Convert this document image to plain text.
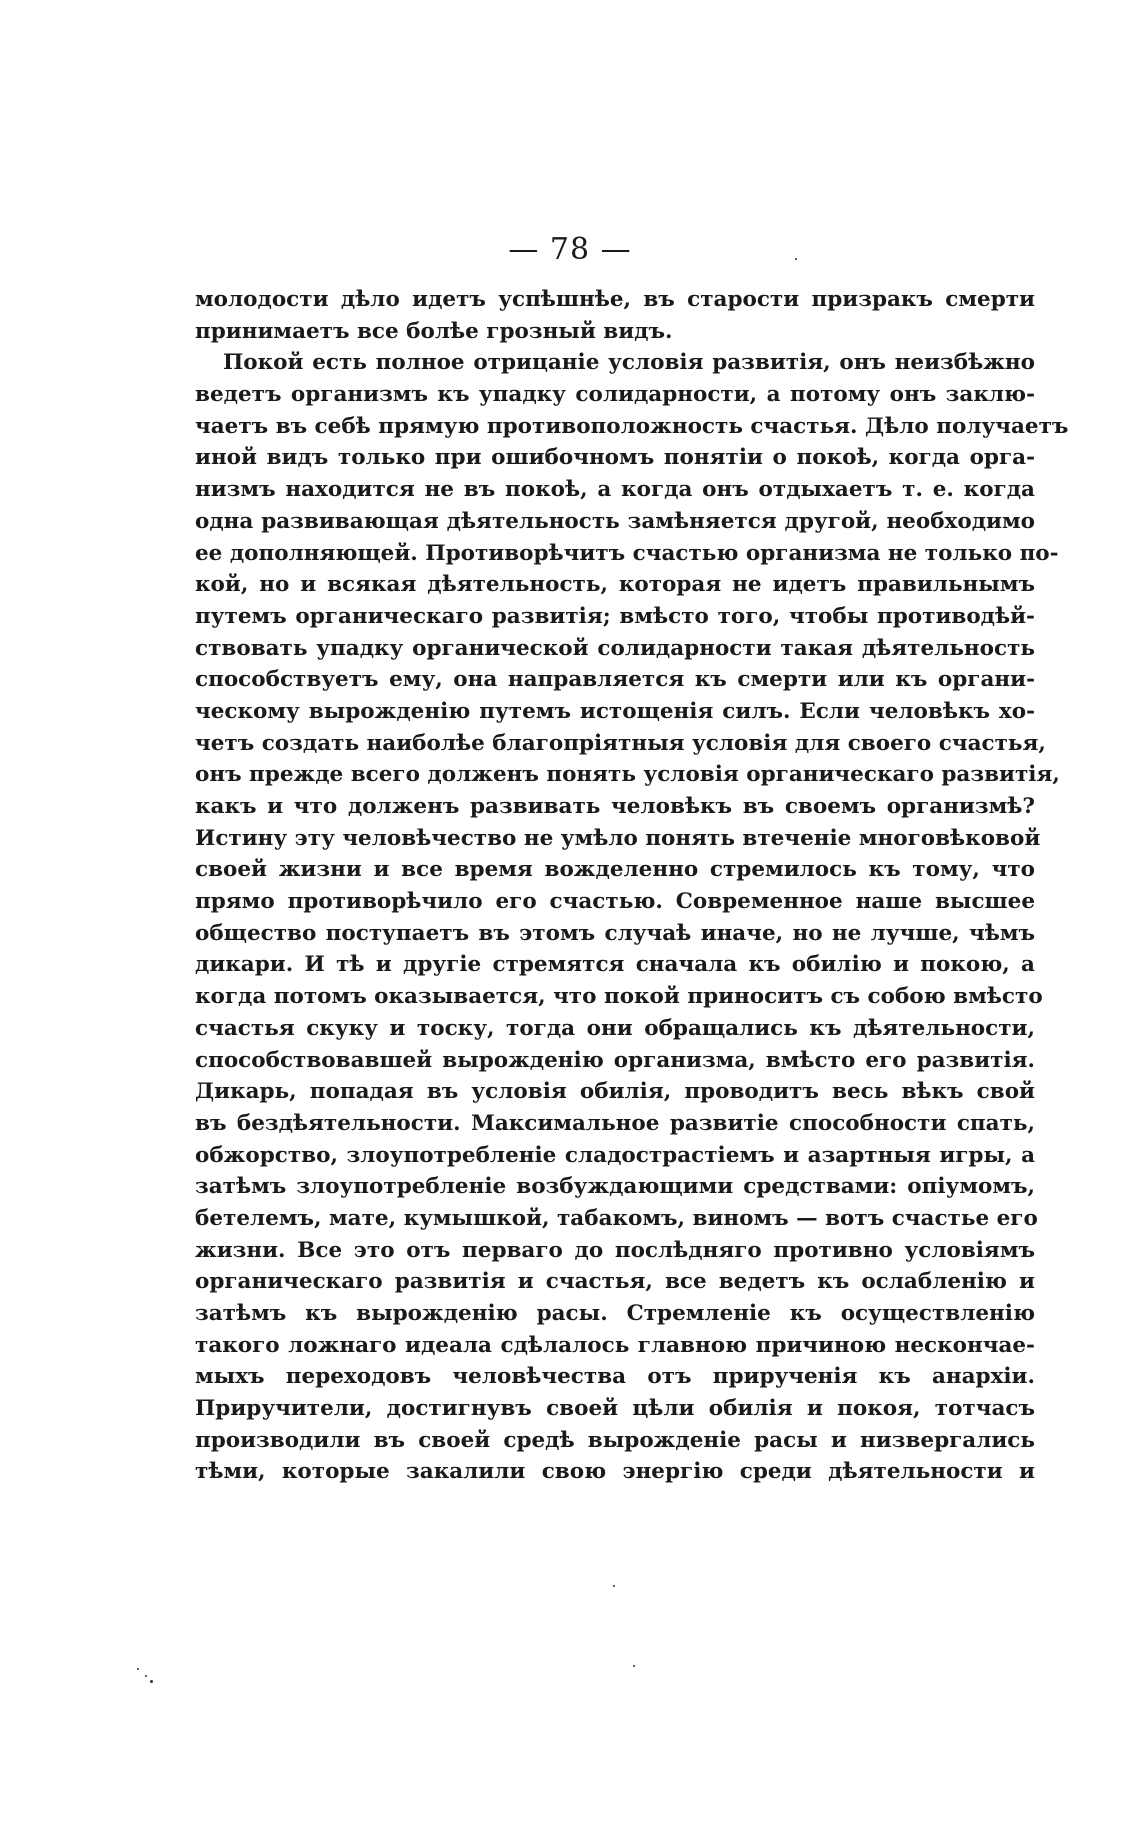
— 78 —
молодости дѣло идетъ успѣшнѣе, въ старости призракъ смерти
принимаетъ все болѣе грозный видъ.
Покой есть полное отрицаніе условія развитія, онъ неизбѣжно
ведетъ организмъ къ упадку солидарности, а потому онъ заклю-
чаетъ въ себѣ прямую противоположность счастья. Дѣло получаетъ
иной видъ только при ошибочномъ понятіи о покоѣ, когда орга-
низмъ находится не въ покоѣ, а когда онъ отдыхаетъ т. е. когда
одна развивающая дѣятельность замѣняется другой, необходимо
ее дополняющей. Противорѣчитъ счастью организма не только по-
кой, но и всякая дѣятельность, которая не идетъ правильнымъ
путемъ органическаго развитія; вмѣсто того, чтобы противодѣй-
ствовать упадку органической солидарности такая дѣятельность
способствуетъ ему, она направляется къ смерти или къ органи-
ческому вырожденію путемъ истощенія силъ. Если человѣкъ хо-
четъ создать наиболѣе благопріятныя условія для своего счастья,
онъ прежде всего долженъ понять условія органическаго развитія,
какъ и что долженъ развивать человѣкъ въ своемъ организмѣ?
Истину эту человѣчество не умѣло понять втеченіе многовѣковой
своей жизни и все время вожделенно стремилось къ тому, что
прямо противорѣчило его счастью. Современное наше высшее
общество поступаетъ въ этомъ случаѣ иначе, но не лучше, чѣмъ
дикари. И тѣ и другіе стремятся сначала къ обилію и покою, а
когда потомъ оказывается, что покой приноситъ съ собою вмѣсто
счастья скуку и тоску, тогда они обращались къ дѣятельности,
способствовавшей вырожденію организма, вмѣсто его развитія.
Дикарь, попадая въ условія обилія, проводитъ весь вѣкъ свой
въ бездѣятельности. Максимальное развитіе способности спать,
обжорство, злоупотребленіе сладострастіемъ и азартныя игры, а
затѣмъ злоупотребленіе возбуждающими средствами: опіумомъ,
бетелемъ, мате, кумышкой, табакомъ, виномъ — вотъ счастье его
жизни. Все это отъ перваго до послѣдняго противно условіямъ
органическаго развитія и счастья, все ведетъ къ ослабленію и
затѣмъ къ вырожденію расы. Стремленіе къ осуществленію
такого ложнаго идеала сдѣлалось главною причиною нескончае-
мыхъ переходовъ человѣчества отъ прирученія къ анархіи.
Приручители, достигнувъ своей цѣли обилія и покоя, тотчасъ
производили въ своей средѣ вырожденіе расы и низвергались
тѣми, которые закалили свою энергію среди дѣятельности и
